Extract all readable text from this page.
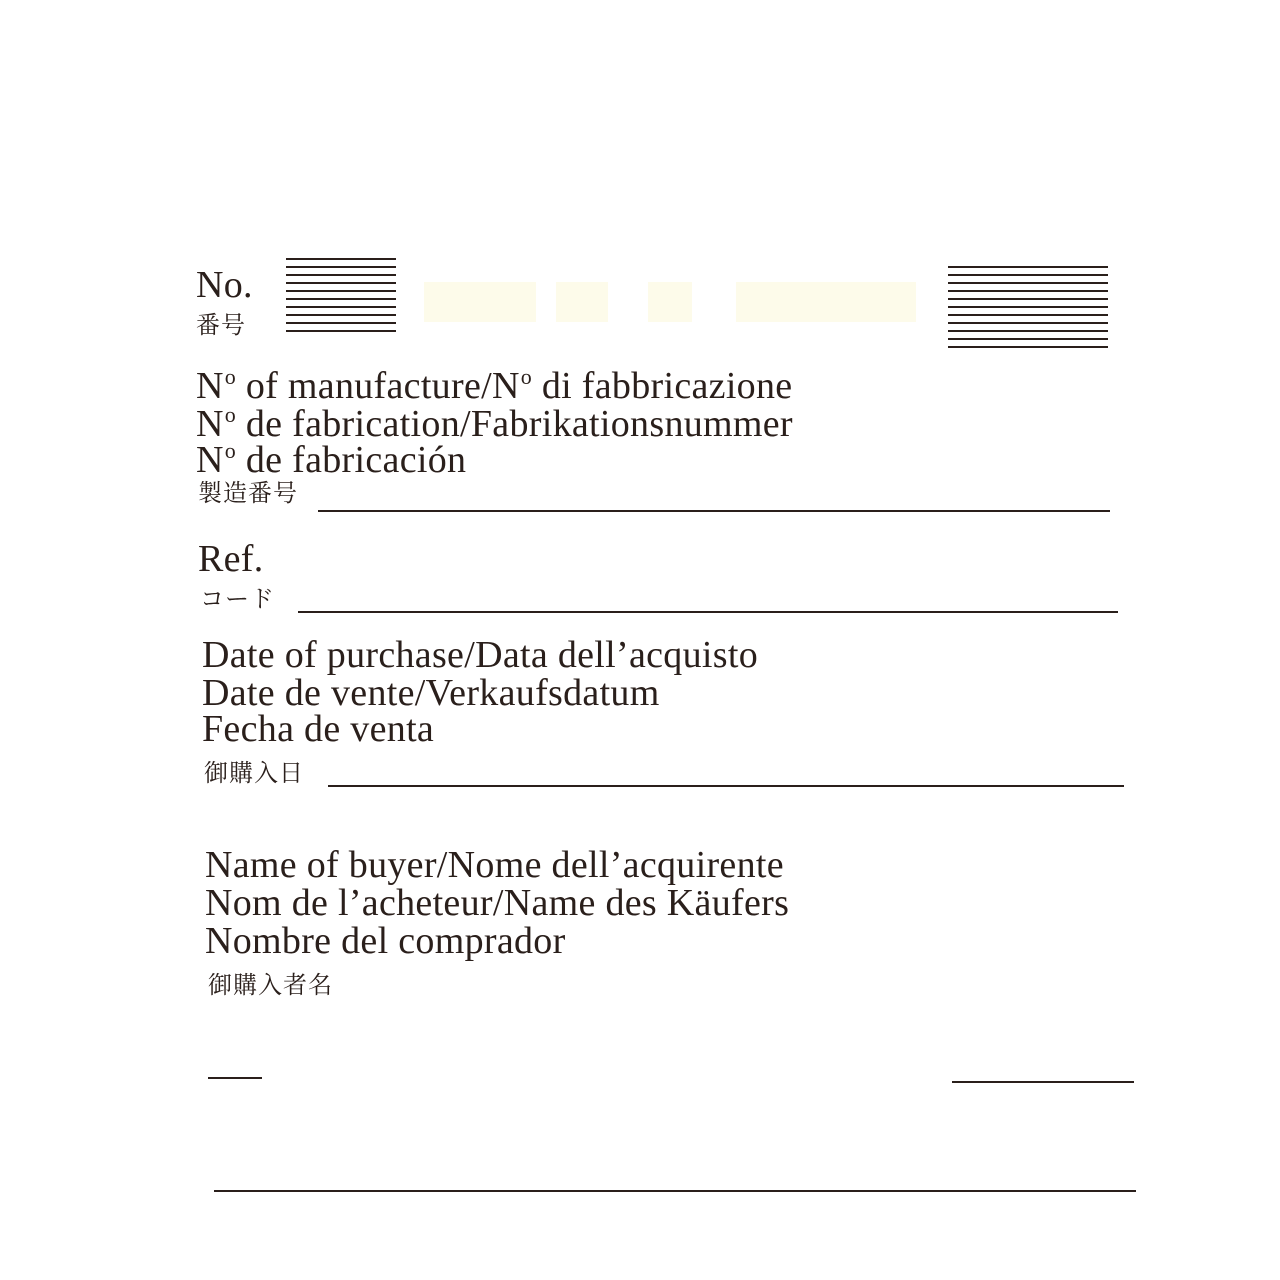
No.
番号
$N^o$ of manufacture/$N^o$ di fabbricazione
$N^o$ de fabrication/Fabrikationsnummer
$N^o$ de fabricación
製造番号
Ref.
コード
Date of purchase/Data dell’acquisto
Date de vente/Verkaufsdatum
Fecha de venta
御購入日
Name of buyer/Nome dell’acquirente
Nom de l’acheteur/Name des Käufers
Nombre del comprador
御購入者名
